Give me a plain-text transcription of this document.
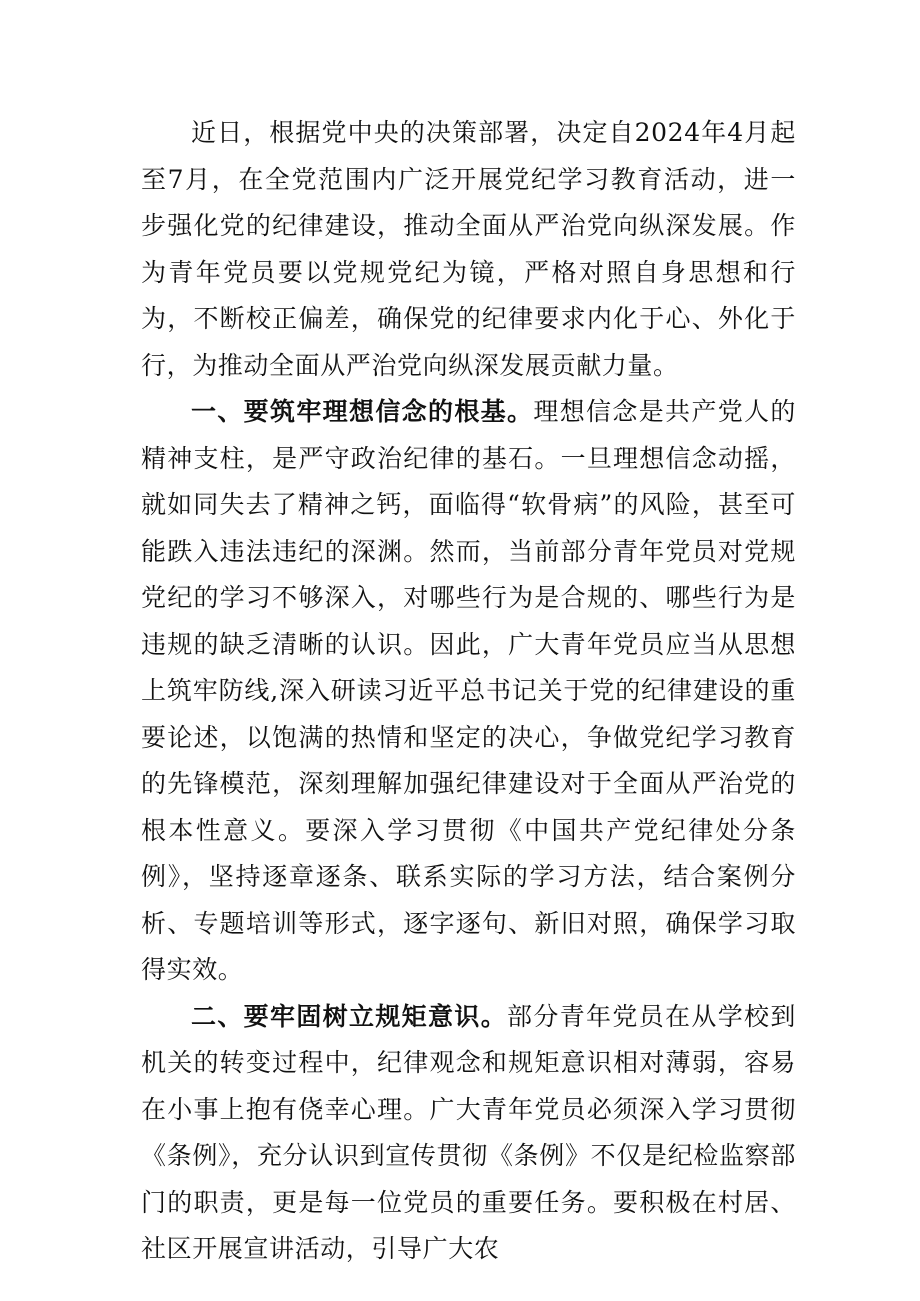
近日，根据党中央的决策部署，决定自2024年4月起至7月，在全党范围内广泛开展党纪学习教育活动，进一步强化党的纪律建设，推动全面从严治党向纵深发展。作为青年党员要以党规党纪为镜，严格对照自身思想和行为，不断校正偏差，确保党的纪律要求内化于心、外化于行，为推动全面从严治党向纵深发展贡献力量。

一、要筑牢理想信念的根基。理想信念是共产党人的精神支柱，是严守政治纪律的基石。一旦理想信念动摇，就如同失去了精神之钙，面临得“软骨病”的风险，甚至可能跌入违法违纪的深渊。然而，当前部分青年党员对党规党纪的学习不够深入，对哪些行为是合规的、哪些行为是违规的缺乏清晰的认识。因此，广大青年党员应当从思想上筑牢防线,深入研读习近平总书记关于党的纪律建设的重要论述，以饱满的热情和坚定的决心，争做党纪学习教育的先锋模范，深刻理解加强纪律建设对于全面从严治党的根本性意义。要深入学习贯彻《中国共产党纪律处分条例》，坚持逐章逐条、联系实际的学习方法，结合案例分析、专题培训等形式，逐字逐句、新旧对照，确保学习取得实效。

二、要牢固树立规矩意识。部分青年党员在从学校到机关的转变过程中，纪律观念和规矩意识相对薄弱，容易在小事上抱有侥幸心理。广大青年党员必须深入学习贯彻《条例》，充分认识到宣传贯彻《条例》不仅是纪检监察部门的职责，更是每一位党员的重要任务。要积极在村居、社区开展宣讲活动，引导广大农
